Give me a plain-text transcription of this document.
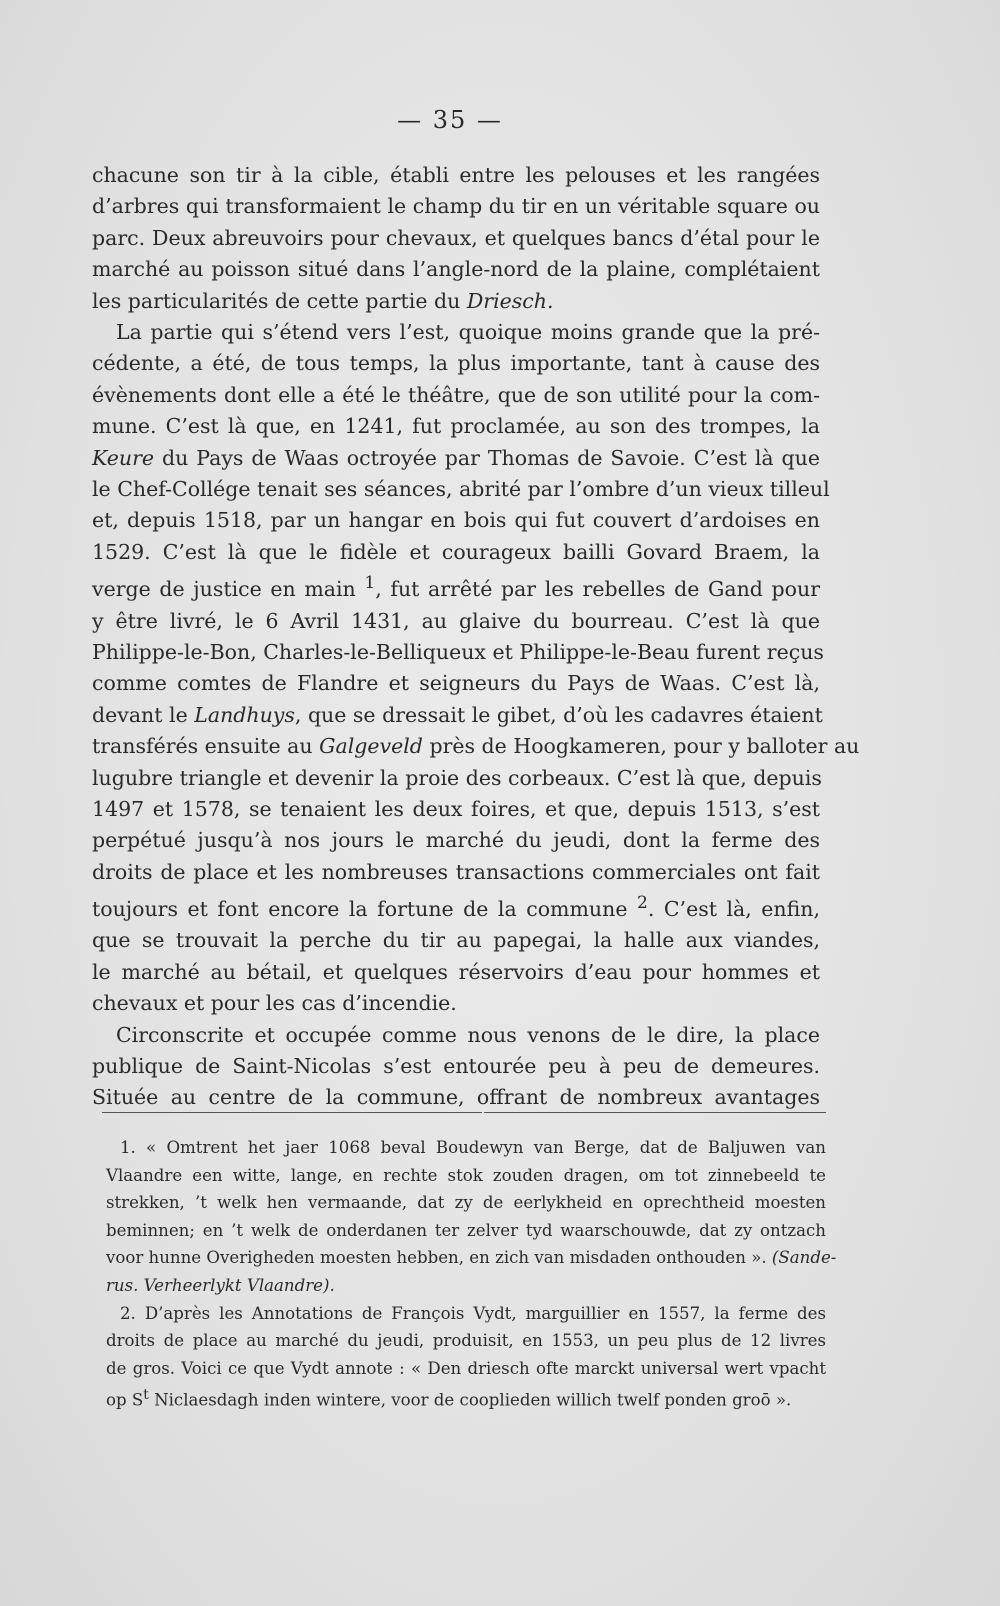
— 35 —

chacune son tir à la cible, établi entre les pelouses et les rangées
d’arbres qui transformaient le champ du tir en un véritable square ou
parc. Deux abreuvoirs pour chevaux, et quelques bancs d’étal pour le
marché au poisson situé dans l’angle-nord de la plaine, complétaient
les particularités de cette partie du Driesch.

La partie qui s’étend vers l’est, quoique moins grande que la pré-
cédente, a été, de tous temps, la plus importante, tant à cause des
évènements dont elle a été le théâtre, que de son utilité pour la com-
mune. C’est là que, en 1241, fut proclamée, au son des trompes, la
Keure du Pays de Waas octroyée par Thomas de Savoie. C’est là que
le Chef-Collége tenait ses séances, abrité par l’ombre d’un vieux tilleul
et, depuis 1518, par un hangar en bois qui fut couvert d’ardoises en
1529. C’est là que le fidèle et courageux bailli Govard Braem, la
verge de justice en main $^1$, fut arrêté par les rebelles de Gand pour
y être livré, le 6 Avril 1431, au glaive du bourreau. C’est là que
Philippe-le-Bon, Charles-le-Belliqueux et Philippe-le-Beau furent reçus
comme comtes de Flandre et seigneurs du Pays de Waas. C’est là,
devant le Landhuys, que se dressait le gibet, d’où les cadavres étaient
transférés ensuite au Galgeveld près de Hoogkameren, pour y balloter au
lugubre triangle et devenir la proie des corbeaux. C’est là que, depuis
1497 et 1578, se tenaient les deux foires, et que, depuis 1513, s’est
perpétué jusqu’à nos jours le marché du jeudi, dont la ferme des
droits de place et les nombreuses transactions commerciales ont fait
toujours et font encore la fortune de la commune $^2$. C’est là, enfin,
que se trouvait la perche du tir au papegai, la halle aux viandes,
le marché au bétail, et quelques réservoirs d’eau pour hommes et
chevaux et pour les cas d’incendie.

Circonscrite et occupée comme nous venons de le dire, la place
publique de Saint-Nicolas s’est entourée peu à peu de demeures.
Située au centre de la commune, offrant de nombreux avantages

1. « Omtrent het jaer 1068 beval Boudewyn van Berge, dat de Baljuwen van
Vlaandre een witte, lange, en rechte stok zouden dragen, om tot zinnebeeld te
strekken, ’t welk hen vermaande, dat zy de eerlykheid en oprechtheid moesten
beminnen; en ’t welk de onderdanen ter zelver tyd waarschouwde, dat zy ontzach
voor hunne Overigheden moesten hebben, en zich van misdaden onthouden ». (Sande-
rus. Verheerlykt Vlaandre).
2. D’après les Annotations de François Vydt, marguillier en 1557, la ferme des
droits de place au marché du jeudi, produisit, en 1553, un peu plus de 12 livres
de gros. Voici ce que Vydt annote : « Den driesch ofte marckt universal wert vpacht
op $S^t$ Niclaesdagh inden wintere, voor de cooplieden willich twelf ponden groō ».
